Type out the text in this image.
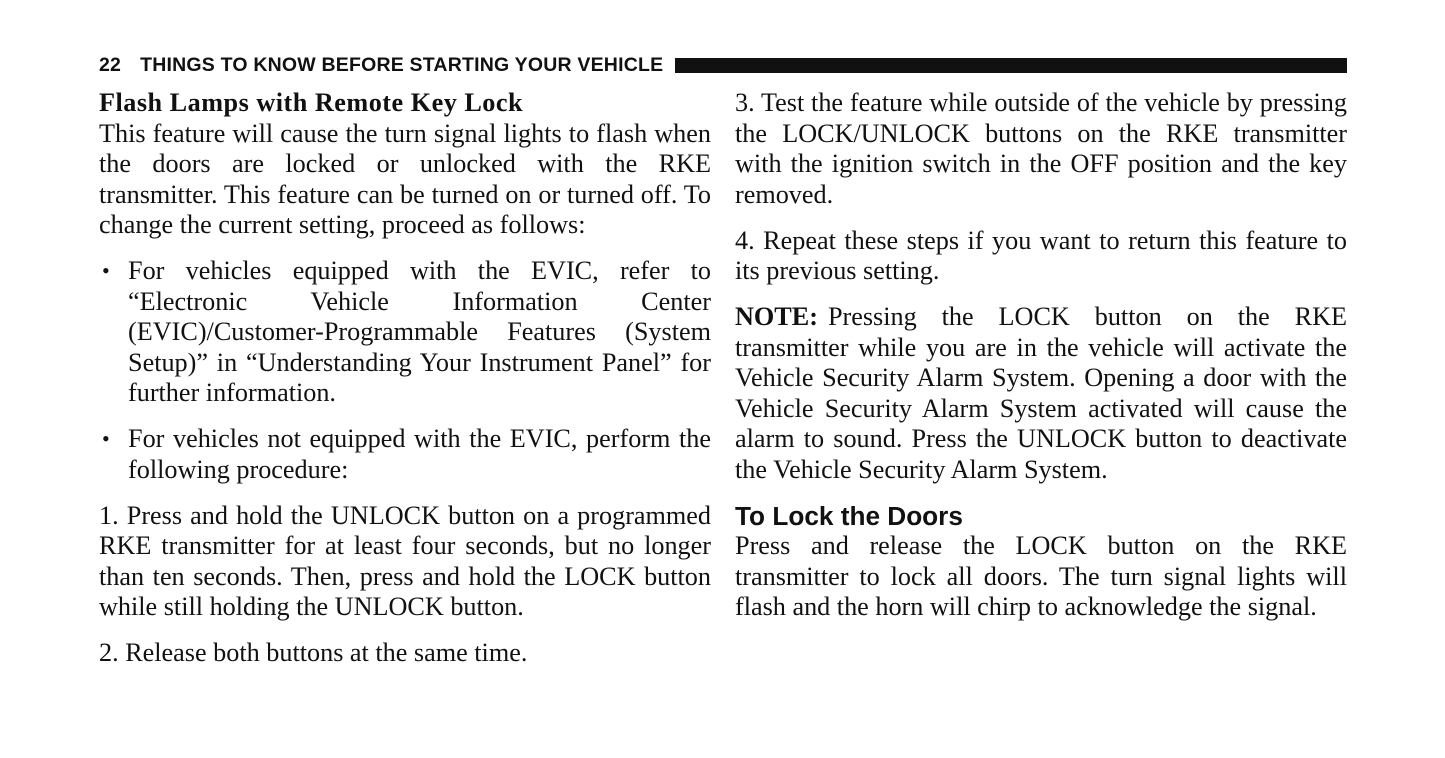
22 THINGS TO KNOW BEFORE STARTING YOUR VEHICLE

Flash Lamps with Remote Key Lock

This feature will cause the turn signal lights to flash when the doors are locked or unlocked with the RKE transmitter. This feature can be turned on or turned off. To change the current setting, proceed as follows:

• For vehicles equipped with the EVIC, refer to “Electronic Vehicle Information Center (EVIC)/Customer-Programmable Features (System Setup)” in “Understanding Your Instrument Panel” for further information.
• For vehicles not equipped with the EVIC, perform the following procedure:

1. Press and hold the UNLOCK button on a programmed RKE transmitter for at least four seconds, but no longer than ten seconds. Then, press and hold the LOCK button while still holding the UNLOCK button.

2. Release both buttons at the same time.

3. Test the feature while outside of the vehicle by pressing the LOCK/UNLOCK buttons on the RKE transmitter with the ignition switch in the OFF position and the key removed.

4. Repeat these steps if you want to return this feature to its previous setting.

NOTE: Pressing the LOCK button on the RKE transmitter while you are in the vehicle will activate the Vehicle Security Alarm System. Opening a door with the Vehicle Security Alarm System activated will cause the alarm to sound. Press the UNLOCK button to deactivate the Vehicle Security Alarm System.

To Lock the Doors

Press and release the LOCK button on the RKE transmitter to lock all doors. The turn signal lights will flash and the horn will chirp to acknowledge the signal.
